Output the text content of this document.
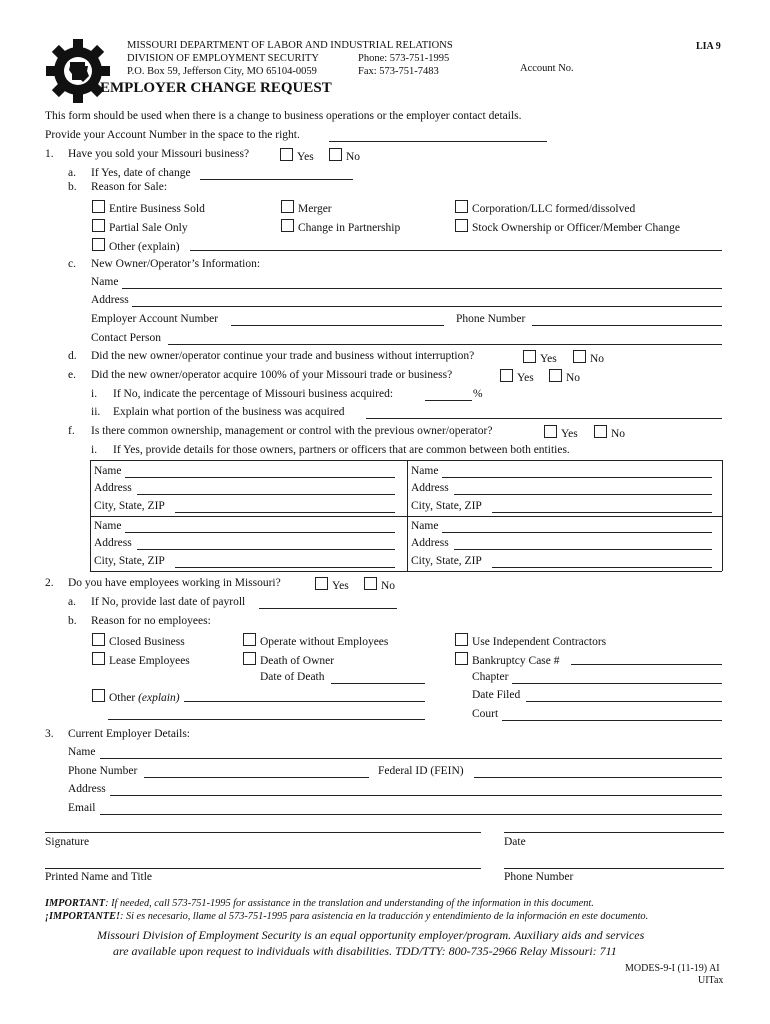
MISSOURI DEPARTMENT OF LABOR AND INDUSTRIAL RELATIONS
DIVISION OF EMPLOYMENT SECURITY	Phone: 573-751-1995
P.O. Box 59, Jefferson City, MO 65104-0059	Fax: 573-751-7483
LIA 9
Account No.
EMPLOYER CHANGE REQUEST
This form should be used when there is a change to business operations or the employer contact details.
Provide your Account Number in the space to the right.
1. Have you sold your Missouri business?	Yes	No
a. If Yes, date of change
b. Reason for Sale:
Entire Business Sold	Merger	Corporation/LLC formed/dissolved
Partial Sale Only	Change in Partnership	Stock Ownership or Officer/Member Change
Other (explain)
c. New Owner/Operator’s Information:
Name
Address
Employer Account Number	Phone Number
Contact Person
d. Did the new owner/operator continue your trade and business without interruption?	Yes	No
e. Did the new owner/operator acquire 100% of your Missouri trade or business?	Yes	No
i. If No, indicate the percentage of Missouri business acquired:	%
ii. Explain what portion of the business was acquired
f. Is there common ownership, management or control with the previous owner/operator?	Yes	No
i. If Yes, provide details for those owners, partners or officers that are common between both entities.
Name
Address
City, State, ZIP
Name
Address
City, State, ZIP
Name
Address
City, State, ZIP
Name
Address
City, State, ZIP
2. Do you have employees working in Missouri?	Yes	No
a. If No, provide last date of payroll
b. Reason for no employees:
Closed Business	Operate without Employees	Use Independent Contractors
Lease Employees	Death of Owner	Bankruptcy Case #
Date of Death	Chapter
Other (explain)	Date Filed
Court
3. Current Employer Details:
Name
Phone Number	Federal ID (FEIN)
Address
Email
Signature	Date
Printed Name and Title	Phone Number
IMPORTANT: If needed, call 573-751-1995 for assistance in the translation and understanding of the information in this document.
¡IMPORTANTE!: Si es necesario, llame al 573-751-1995 para asistencia en la traducción y entendimiento de la información en este documento.
Missouri Division of Employment Security is an equal opportunity employer/program. Auxiliary aids and services
are available upon request to individuals with disabilities. TDD/TTY: 800-735-2966 Relay Missouri: 711
MODES-9-I (11-19) AI
UITax
